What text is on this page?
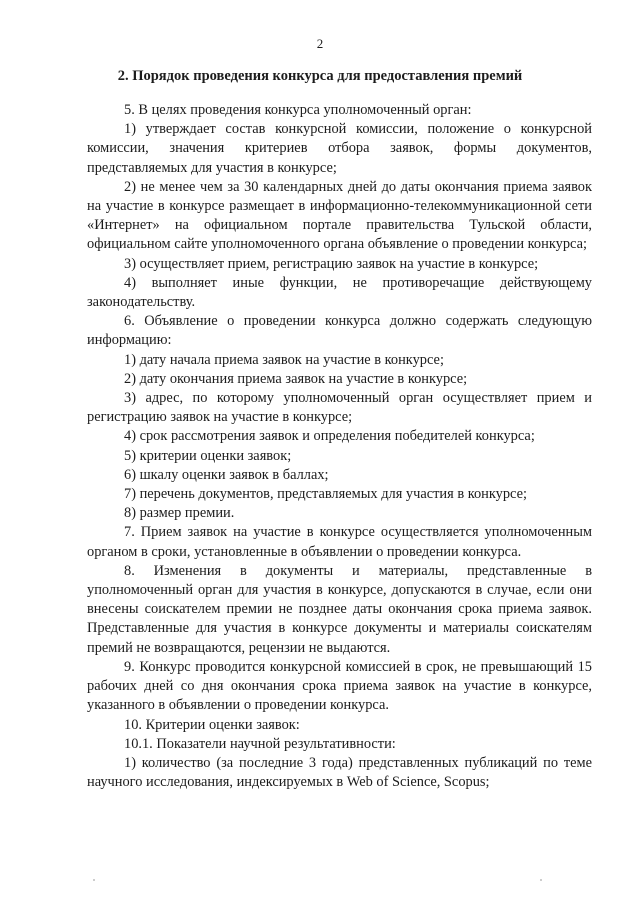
2
2. Порядок проведения конкурса для предоставления премий

5. В целях проведения конкурса уполномоченный орган:

1) утверждает состав конкурсной комиссии, положение о конкурсной комиссии, значения критериев отбора заявок, формы документов, представляемых для участия в конкурсе;

2) не менее чем за 30 календарных дней до даты окончания приема заявок на участие в конкурсе размещает в информационно-телекоммуникационной сети «Интернет» на официальном портале правительства Тульской области, официальном сайте уполномоченного органа объявление о проведении конкурса;

3) осуществляет прием, регистрацию заявок на участие в конкурсе;

4) выполняет иные функции, не противоречащие действующему законодательству.

6. Объявление о проведении конкурса должно содержать следующую информацию:

1) дату начала приема заявок на участие в конкурсе;

2) дату окончания приема заявок на участие в конкурсе;

3) адрес, по которому уполномоченный орган осуществляет прием и регистрацию заявок на участие в конкурсе;

4) срок рассмотрения заявок и определения победителей конкурса;

5) критерии оценки заявок;

6) шкалу оценки заявок в баллах;

7) перечень документов, представляемых для участия в конкурсе;

8) размер премии.

7. Прием заявок на участие в конкурсе осуществляется уполномоченным органом в сроки, установленные в объявлении о проведении конкурса.

8. Изменения в документы и материалы, представленные в уполномоченный орган для участия в конкурсе, допускаются в случае, если они внесены соискателем премии не позднее даты окончания срока приема заявок. Представленные для участия в конкурсе документы и материалы соискателям премий не возвращаются, рецензии не выдаются.

9. Конкурс проводится конкурсной комиссией в срок, не превышающий 15 рабочих дней со дня окончания срока приема заявок на участие в конкурсе, указанного в объявлении о проведении конкурса.

10. Критерии оценки заявок:

10.1. Показатели научной результативности:

1) количество (за последние 3 года) представленных публикаций по теме научного исследования, индексируемых в Web of Science, Scopus;
